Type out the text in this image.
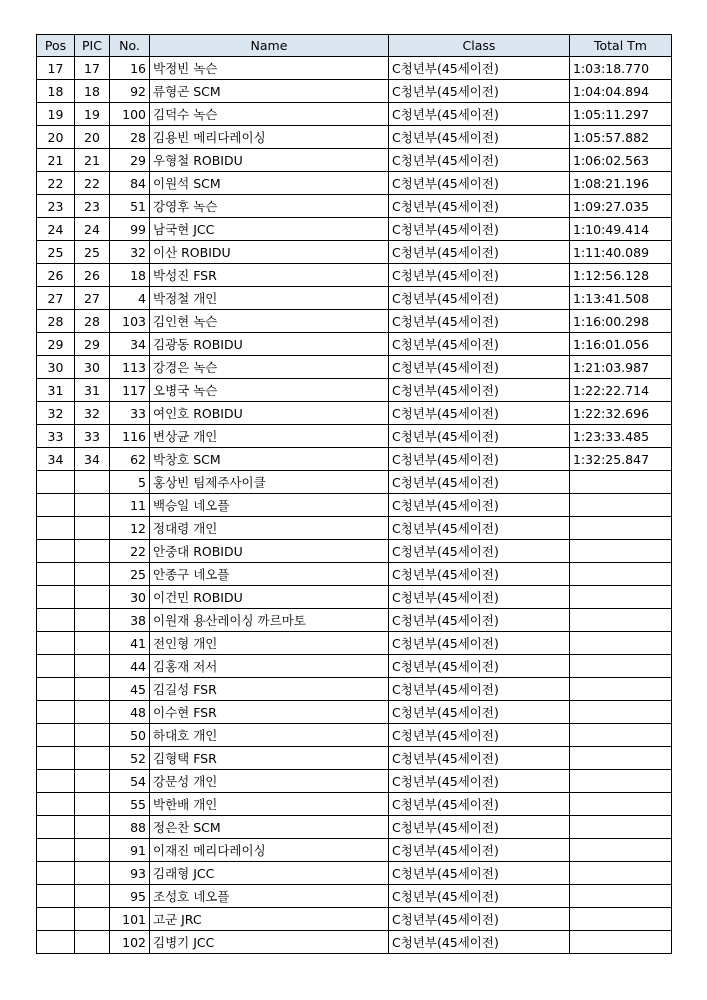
Pos	PIC	No.	Name	Class	Total Tm
17	17	16	박정빈 녹슨	C청년부(45세이전)	1:03:18.770
18	18	92	류형곤 SCM	C청년부(45세이전)	1:04:04.894
19	19	100	김덕수 녹슨	C청년부(45세이전)	1:05:11.297
20	20	28	김용빈 메리다레이싱	C청년부(45세이전)	1:05:57.882
21	21	29	우형철 ROBIDU	C청년부(45세이전)	1:06:02.563
22	22	84	이원석 SCM	C청년부(45세이전)	1:08:21.196
23	23	51	강영후 녹슨	C청년부(45세이전)	1:09:27.035
24	24	99	남국현 JCC	C청년부(45세이전)	1:10:49.414
25	25	32	이산 ROBIDU	C청년부(45세이전)	1:11:40.089
26	26	18	박성진 FSR	C청년부(45세이전)	1:12:56.128
27	27	4	박정철 개인	C청년부(45세이전)	1:13:41.508
28	28	103	김인현 녹슨	C청년부(45세이전)	1:16:00.298
29	29	34	김광동 ROBIDU	C청년부(45세이전)	1:16:01.056
30	30	113	강경은 녹슨	C청년부(45세이전)	1:21:03.987
31	31	117	오병국 녹슨	C청년부(45세이전)	1:22:22.714
32	32	33	여인호 ROBIDU	C청년부(45세이전)	1:22:32.696
33	33	116	변상균 개인	C청년부(45세이전)	1:23:33.485
34	34	62	박창호 SCM	C청년부(45세이전)	1:32:25.847
		5	홍상빈 팀제주사이클	C청년부(45세이전)	
		11	백승일 네오플	C청년부(45세이전)	
		12	정대령 개인	C청년부(45세이전)	
		22	안중대 ROBIDU	C청년부(45세이전)	
		25	안종구 네오플	C청년부(45세이전)	
		30	이건민 ROBIDU	C청년부(45세이전)	
		38	이원재 용산레이싱 까르마토	C청년부(45세이전)	
		41	전인형 개인	C청년부(45세이전)	
		44	김홍재 저서	C청년부(45세이전)	
		45	김길성 FSR	C청년부(45세이전)	
		48	이수현 FSR	C청년부(45세이전)	
		50	하대호 개인	C청년부(45세이전)	
		52	김형택 FSR	C청년부(45세이전)	
		54	강문성 개인	C청년부(45세이전)	
		55	박한배 개인	C청년부(45세이전)	
		88	정은찬 SCM	C청년부(45세이전)	
		91	이재진 메리다레이싱	C청년부(45세이전)	
		93	김래형 JCC	C청년부(45세이전)	
		95	조성호 네오플	C청년부(45세이전)	
		101	고군 JRC	C청년부(45세이전)	
		102	김병기 JCC	C청년부(45세이전)	
